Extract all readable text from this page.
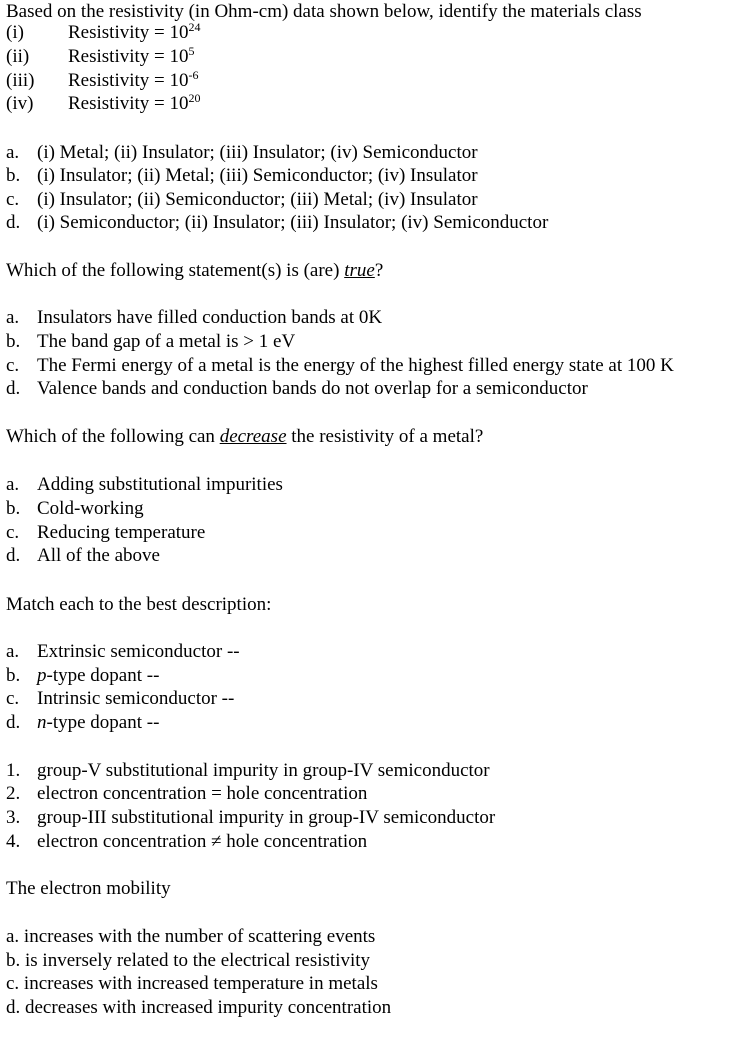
Based on the resistivity (in Ohm-cm) data shown below, identify the materials class
(i) Resistivity = $10^{24}$
(ii) Resistivity = $10^5$
(iii) Resistivity = $10^{-6}$
(iv) Resistivity = $10^{20}$
a. (i) Metal; (ii) Insulator; (iii) Insulator; (iv) Semiconductor
b. (i) Insulator; (ii) Metal; (iii) Semiconductor; (iv) Insulator
c. (i) Insulator; (ii) Semiconductor; (iii) Metal; (iv) Insulator
d. (i) Semiconductor; (ii) Insulator; (iii) Insulator; (iv) Semiconductor
Which of the following statement(s) is (are) true?
a. Insulators have filled conduction bands at 0K
b. The band gap of a metal is > 1 eV
c. The Fermi energy of a metal is the energy of the highest filled energy state at 100 K
d. Valence bands and conduction bands do not overlap for a semiconductor
Which of the following can decrease the resistivity of a metal?
a. Adding substitutional impurities
b. Cold-working
c. Reducing temperature
d. All of the above
Match each to the best description:
a. Extrinsic semiconductor --
b. p-type dopant --
c. Intrinsic semiconductor --
d. n-type dopant --
1. group-V substitutional impurity in group-IV semiconductor
2. electron concentration = hole concentration
3. group-III substitutional impurity in group-IV semiconductor
4. electron concentration ≠ hole concentration
The electron mobility
a. increases with the number of scattering events
b. is inversely related to the electrical resistivity
c. increases with increased temperature in metals
d. decreases with increased impurity concentration
